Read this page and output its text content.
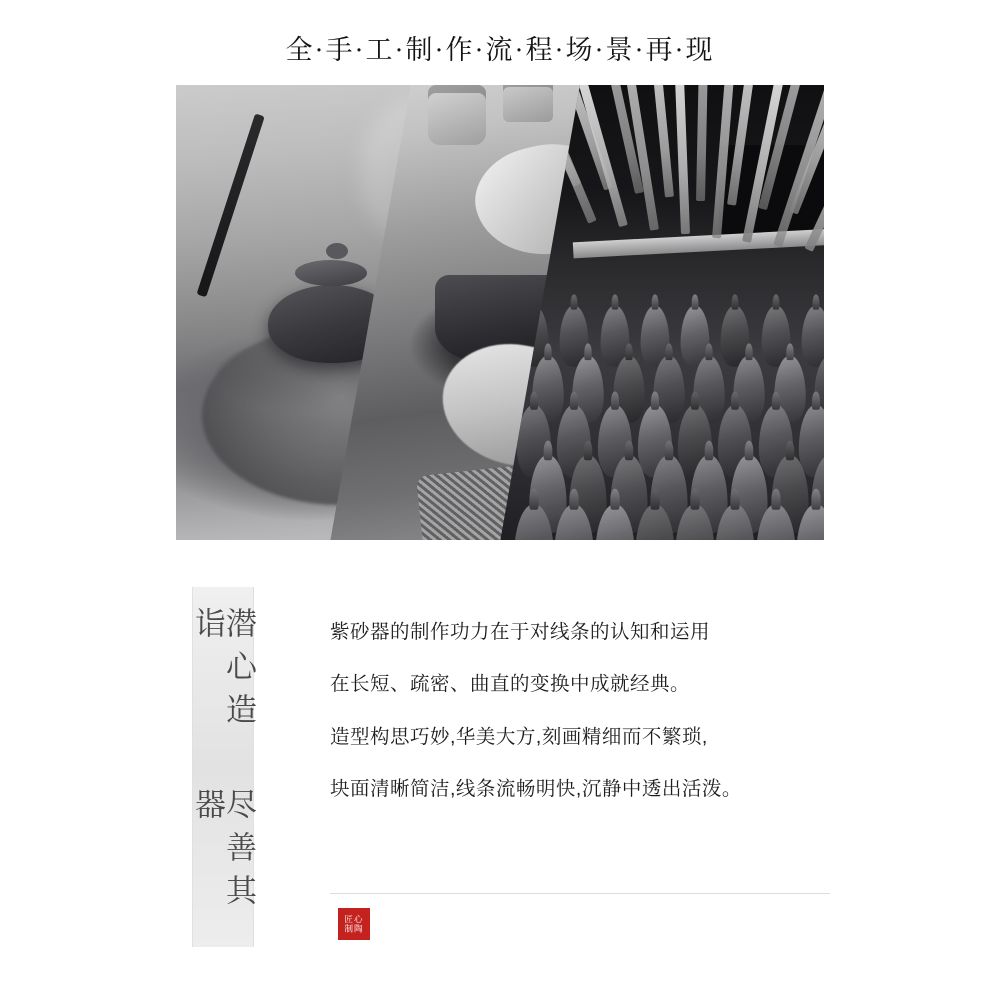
全·手·工·制·作·流·程·场·景·再·现
潜心造诣
尽善其器

紫砂器的制作功力在于对线条的认知和运用

在长短、疏密、曲直的变换中成就经典。

造型构思巧妙,华美大方,刻画精细而不繁琐,

块面清晰简洁,线条流畅明快,沉静中透出活泼。

匠 心
制 陶
